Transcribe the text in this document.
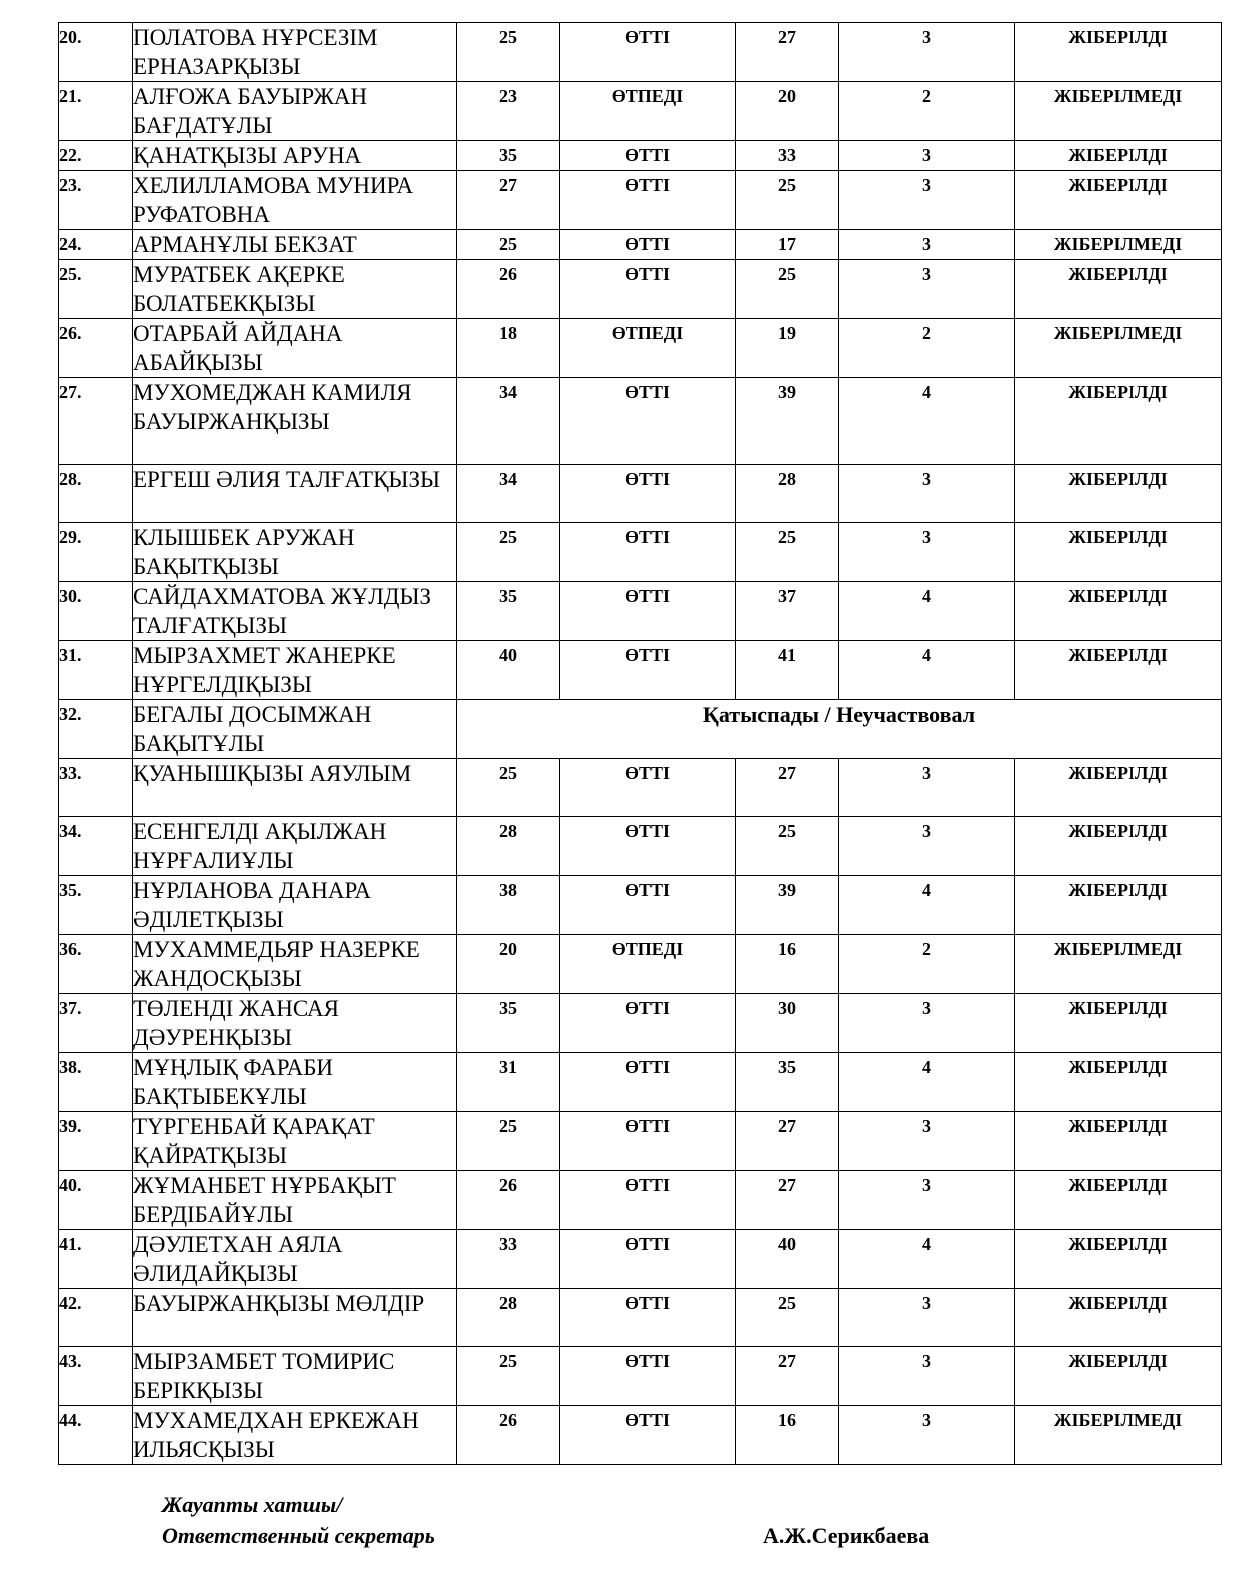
20.	ПОЛАТОВА НҰРСЕЗІМ ЕРНАЗАРҚЫЗЫ	25	ӨТТІ	27	3	ЖІБЕРІЛДІ
21.	АЛҒОЖА БАУЫРЖАН БАҒДАТҰЛЫ	23	ӨТПЕДІ	20	2	ЖІБЕРІЛМЕДІ
22.	ҚАНАТҚЫЗЫ АРУНА	35	ӨТТІ	33	3	ЖІБЕРІЛДІ
23.	ХЕЛИЛЛАМОВА МУНИРА РУФАТОВНА	27	ӨТТІ	25	3	ЖІБЕРІЛДІ
24.	АРМАНҰЛЫ БЕКЗАТ	25	ӨТТІ	17	3	ЖІБЕРІЛМЕДІ
25.	МУРАТБЕК АҚЕРКЕ БОЛАТБЕКҚЫЗЫ	26	ӨТТІ	25	3	ЖІБЕРІЛДІ
26.	ОТАРБАЙ АЙДАНА АБАЙҚЫЗЫ	18	ӨТПЕДІ	19	2	ЖІБЕРІЛМЕДІ
27.	МУХОМЕДЖАН КАМИЛЯ БАУЫРЖАНҚЫЗЫ	34	ӨТТІ	39	4	ЖІБЕРІЛДІ
28.	ЕРГЕШ ӘЛИЯ ТАЛҒАТҚЫЗЫ	34	ӨТТІ	28	3	ЖІБЕРІЛДІ
29.	КЛЫШБЕК АРУЖАН БАҚЫТҚЫЗЫ	25	ӨТТІ	25	3	ЖІБЕРІЛДІ
30.	САЙДАХМАТОВА ЖҰЛДЫЗ ТАЛҒАТҚЫЗЫ	35	ӨТТІ	37	4	ЖІБЕРІЛДІ
31.	МЫРЗАХМЕТ ЖАНЕРКЕ НҰРГЕЛДІҚЫЗЫ	40	ӨТТІ	41	4	ЖІБЕРІЛДІ
32.	БЕГАЛЫ ДОСЫМЖАН БАҚЫТҰЛЫ	Қатыспады / Неучаствовал				
33.	ҚУАНЫШҚЫЗЫ АЯУЛЫМ	25	ӨТТІ	27	3	ЖІБЕРІЛДІ
34.	ЕСЕНГЕЛДІ АҚЫЛЖАН НҰРҒАЛИҰЛЫ	28	ӨТТІ	25	3	ЖІБЕРІЛДІ
35.	НҰРЛАНОВА ДАНАРА ӘДІЛЕТҚЫЗЫ	38	ӨТТІ	39	4	ЖІБЕРІЛДІ
36.	МУХАММЕДЬЯР НАЗЕРКЕ ЖАНДОСҚЫЗЫ	20	ӨТПЕДІ	16	2	ЖІБЕРІЛМЕДІ
37.	ТӨЛЕНДІ ЖАНСАЯ ДӘУРЕНҚЫЗЫ	35	ӨТТІ	30	3	ЖІБЕРІЛДІ
38.	МҰҢЛЫҚ ФАРАБИ БАҚТЫБЕКҰЛЫ	31	ӨТТІ	35	4	ЖІБЕРІЛДІ
39.	ТҮРГЕНБАЙ ҚАРАҚАТ ҚАЙРАТҚЫЗЫ	25	ӨТТІ	27	3	ЖІБЕРІЛДІ
40.	ЖҰМАНБЕТ НҰРБАҚЫТ БЕРДІБАЙҰЛЫ	26	ӨТТІ	27	3	ЖІБЕРІЛДІ
41.	ДӘУЛЕТХАН АЯЛА ӘЛИДАЙҚЫЗЫ	33	ӨТТІ	40	4	ЖІБЕРІЛДІ
42.	БАУЫРЖАНҚЫЗЫ МӨЛДІР	28	ӨТТІ	25	3	ЖІБЕРІЛДІ
43.	МЫРЗАМБЕТ ТОМИРИС БЕРІКҚЫЗЫ	25	ӨТТІ	27	3	ЖІБЕРІЛДІ
44.	МУХАМЕДХАН ЕРКЕЖАН ИЛЬЯСҚЫЗЫ	26	ӨТТІ	16	3	ЖІБЕРІЛМЕДІ
Жауапты хатшы/
Ответственный секретарь	А.Ж.Серикбаева
